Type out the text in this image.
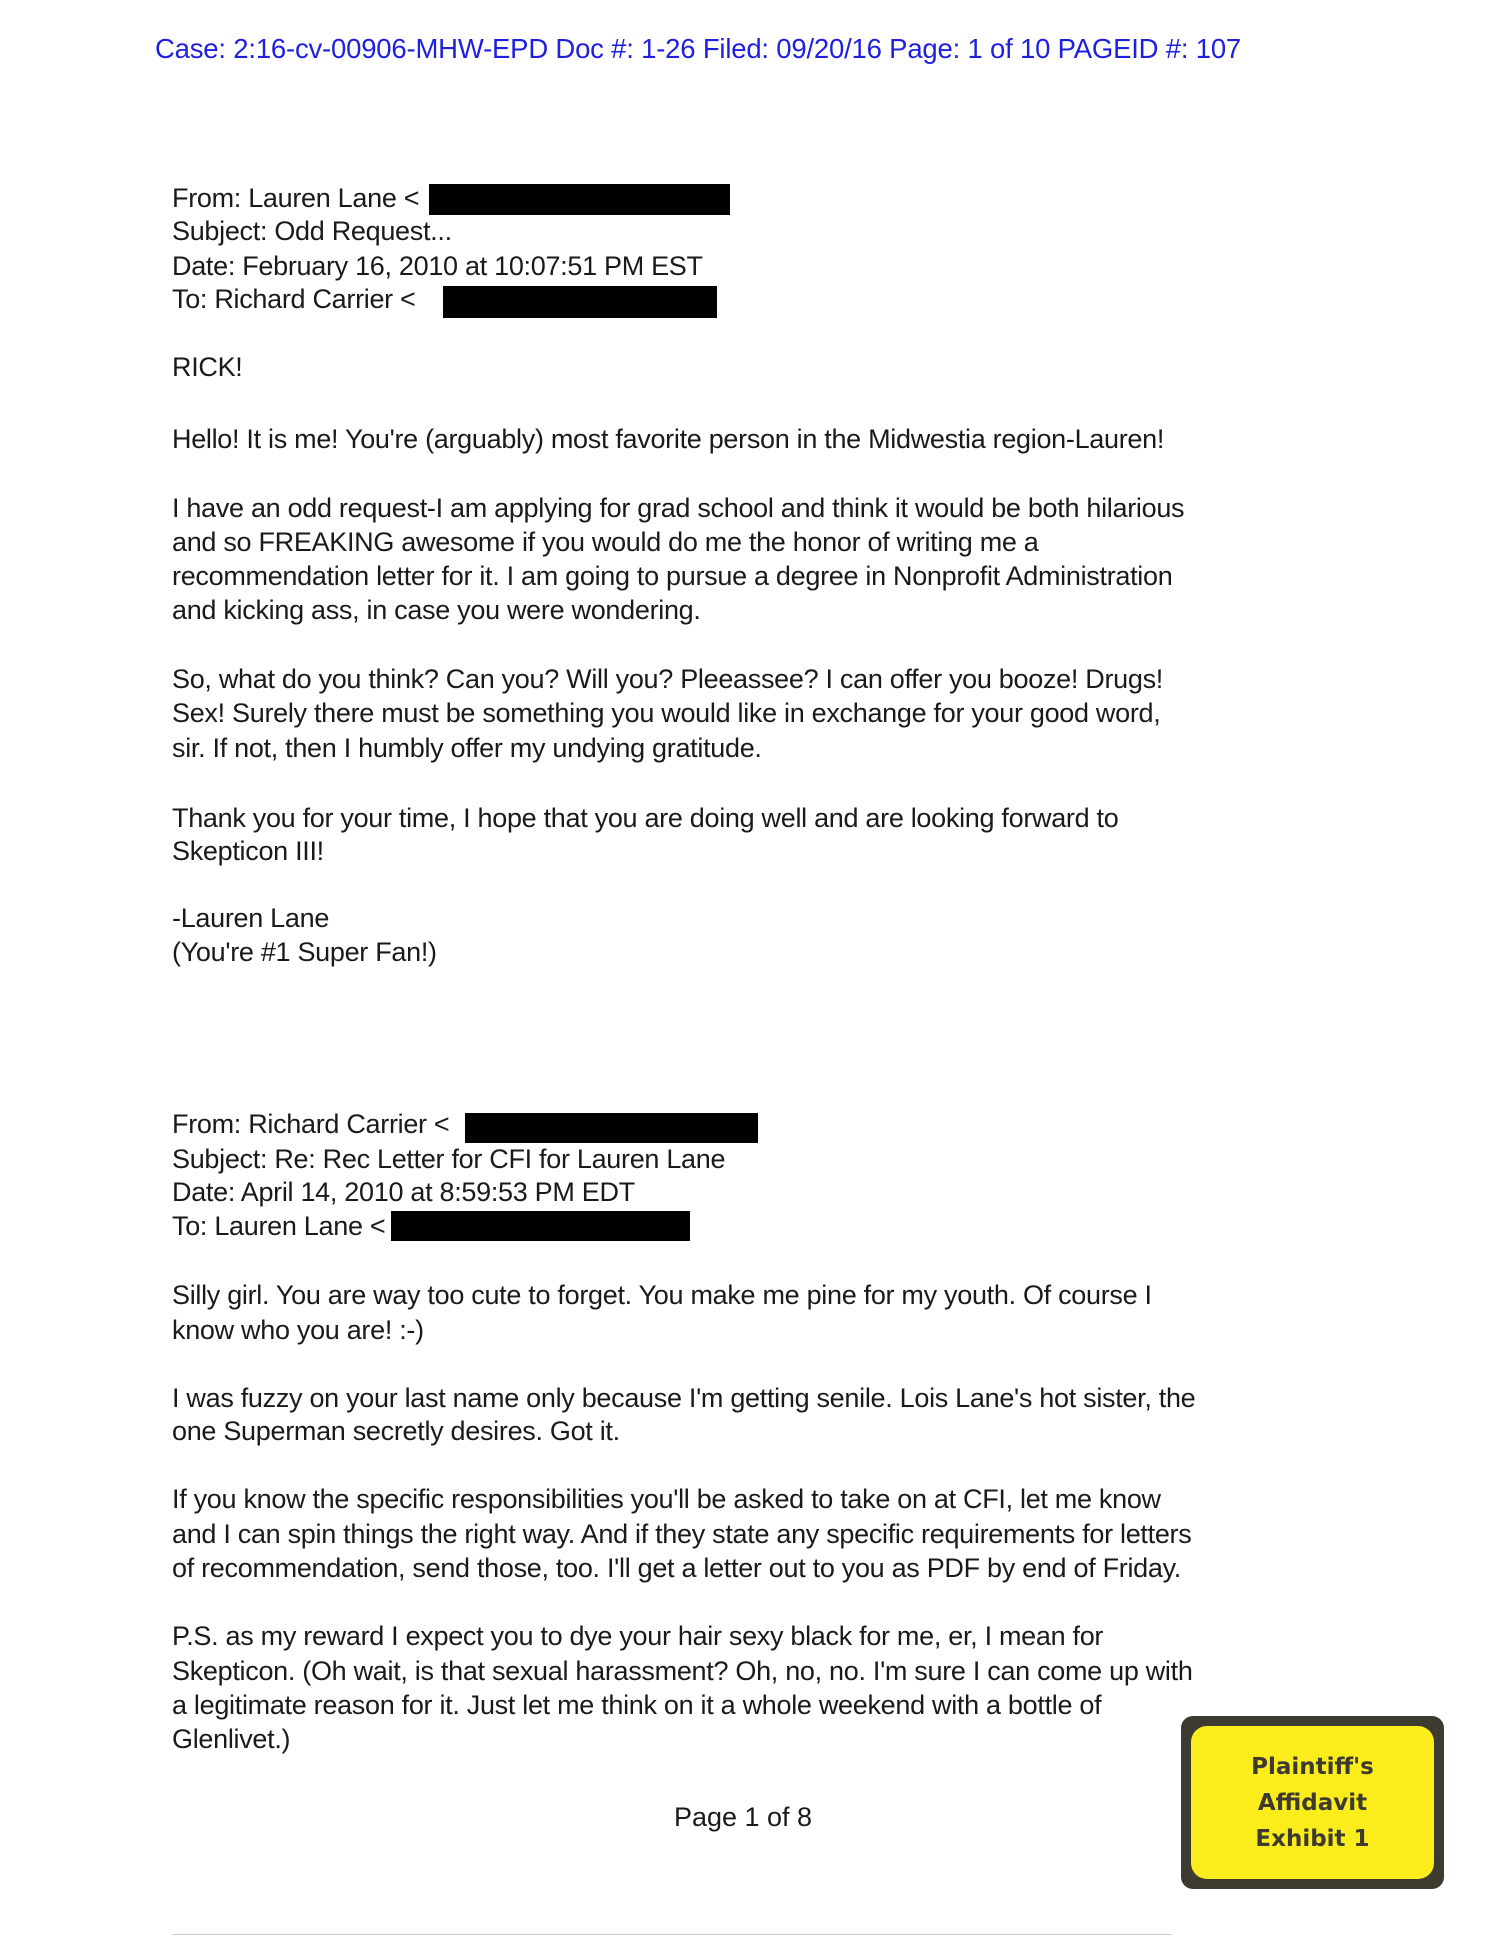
Case: 2:16-cv-00906-MHW-EPD Doc #: 1-26 Filed: 09/20/16 Page: 1 of 10 PAGEID #: 107
From: Lauren Lane <
Subject: Odd Request...
Date: February 16, 2010 at 10:07:51 PM EST
To: Richard Carrier <
RICK!
Hello! It is me! You're (arguably) most favorite person in the Midwestia region-Lauren!
I have an odd request-I am applying for grad school and think it would be both hilarious
and so FREAKING awesome if you would do me the honor of writing me a
recommendation letter for it. I am going to pursue a degree in Nonprofit Administration
and kicking ass, in case you were wondering.
So, what do you think? Can you? Will you? Pleeassee? I can offer you booze! Drugs!
Sex! Surely there must be something you would like in exchange for your good word,
sir. If not, then I humbly offer my undying gratitude.
Thank you for your time, I hope that you are doing well and are looking forward to
Skepticon III!
-Lauren Lane
(You're #1 Super Fan!)
From: Richard Carrier <
Subject: Re: Rec Letter for CFI for Lauren Lane
Date: April 14, 2010 at 8:59:53 PM EDT
To: Lauren Lane <
Silly girl. You are way too cute to forget. You make me pine for my youth. Of course I
know who you are! :-)
I was fuzzy on your last name only because I'm getting senile. Lois Lane's hot sister, the
one Superman secretly desires. Got it.
If you know the specific responsibilities you'll be asked to take on at CFI, let me know
and I can spin things the right way. And if they state any specific requirements for letters
of recommendation, send those, too. I'll get a letter out to you as PDF by end of Friday.
P.S. as my reward I expect you to dye your hair sexy black for me, er, I mean for
Skepticon. (Oh wait, is that sexual harassment? Oh, no, no. I'm sure I can come up with
a legitimate reason for it. Just let me think on it a whole weekend with a bottle of
Glenlivet.)
Page 1 of 8
Plaintiff's
Affidavit
Exhibit 1
